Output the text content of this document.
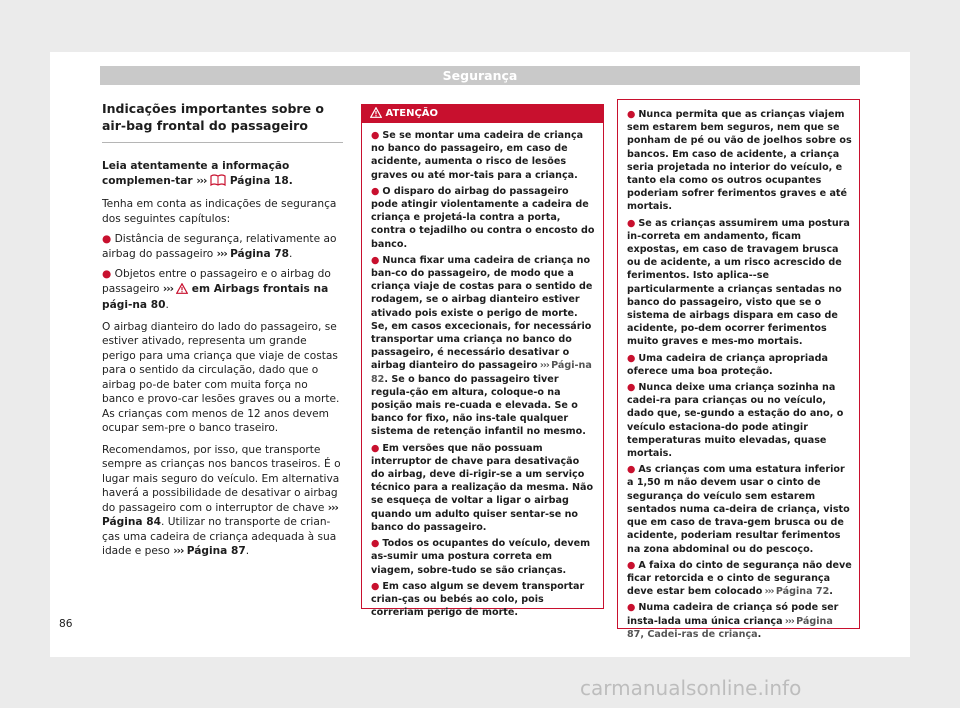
Segurança
Indicações importantes sobre o air-bag frontal do passageiro

Leia atentamente a informação complemen-tar ››› Página 18.

Tenha em conta as indicações de segurança dos seguintes capítulos:

● Distância de segurança, relativamente ao airbag do passageiro ››› Página 78.

● Objetos entre o passageiro e o airbag do passageiro ››› em Airbags frontais na pági-na 80.

O airbag dianteiro do lado do passageiro, se estiver ativado, representa um grande perigo para uma criança que viaje de costas para o sentido da circulação, dado que o airbag po-de bater com muita força no banco e provo-car lesões graves ou a morte. As crianças com menos de 12 anos devem ocupar sem-pre o banco traseiro.

Recomendamos, por isso, que transporte sempre as crianças nos bancos traseiros. É o lugar mais seguro do veículo. Em alternativa haverá a possibilidade de desativar o airbag do passageiro com o interruptor de chave ››› Página 84. Utilizar no transporte de crian-ças uma cadeira de criança adequada à sua idade e peso ››› Página 87.

ATENÇÃO

● Se se montar uma cadeira de criança no banco do passageiro, em caso de acidente, aumenta o risco de lesões graves ou até mor-tais para a criança.

● O disparo do airbag do passageiro pode atingir violentamente a cadeira de criança e projetá-la contra a porta, contra o tejadilho ou contra o encosto do banco.

● Nunca fixar uma cadeira de criança no ban-co do passageiro, de modo que a criança viaje de costas para o sentido de rodagem, se o airbag dianteiro estiver ativado pois existe o perigo de morte. Se, em casos excecionais, for necessário transportar uma criança no banco do passageiro, é necessário desativar o airbag dianteiro do passageiro ››› Pági-na 82. Se o banco do passageiro tiver regula-ção em altura, coloque-o na posição mais re-cuada e elevada. Se o banco for fixo, não ins-tale qualquer sistema de retenção infantil no mesmo.

● Em versões que não possuam interruptor de chave para desativação do airbag, deve di-rigir-se a um serviço técnico para a realização da mesma. Não se esqueça de voltar a ligar o airbag quando um adulto quiser sentar-se no banco do passageiro.

● Todos os ocupantes do veículo, devem as-sumir uma postura correta em viagem, sobre-tudo se são crianças.

● Em caso algum se devem transportar crian-ças ou bebés ao colo, pois correriam perigo de morte.

● Nunca permita que as crianças viajem sem estarem bem seguros, nem que se ponham de pé ou vão de joelhos sobre os bancos. Em caso de acidente, a criança seria projetada no interior do veículo, e tanto ela como os outros ocupantes poderiam sofrer ferimentos graves e até mortais.

● Se as crianças assumirem uma postura in-correta em andamento, ficam expostas, em caso de travagem brusca ou de acidente, a um risco acrescido de ferimentos. Isto aplica--se particularmente a crianças sentadas no banco do passageiro, visto que se o sistema de airbags dispara em caso de acidente, po-dem ocorrer ferimentos muito graves e mes-mo mortais.

● Uma cadeira de criança apropriada oferece uma boa proteção.

● Nunca deixe uma criança sozinha na cadei-ra para crianças ou no veículo, dado que, se-gundo a estação do ano, o veículo estaciona-do pode atingir temperaturas muito elevadas, quase mortais.

● As crianças com uma estatura inferior a 1,50 m não devem usar o cinto de segurança do veículo sem estarem sentados numa ca-deira de criança, visto que em caso de trava-gem brusca ou de acidente, poderiam resultar ferimentos na zona abdominal ou do pescoço.

● A faixa do cinto de segurança não deve ficar retorcida e o cinto de segurança deve estar bem colocado ››› Página 72.

● Numa cadeira de criança só pode ser insta-lada uma única criança ››› Página 87, Cadei-ras de criança.

86
carmanualsonline.info
